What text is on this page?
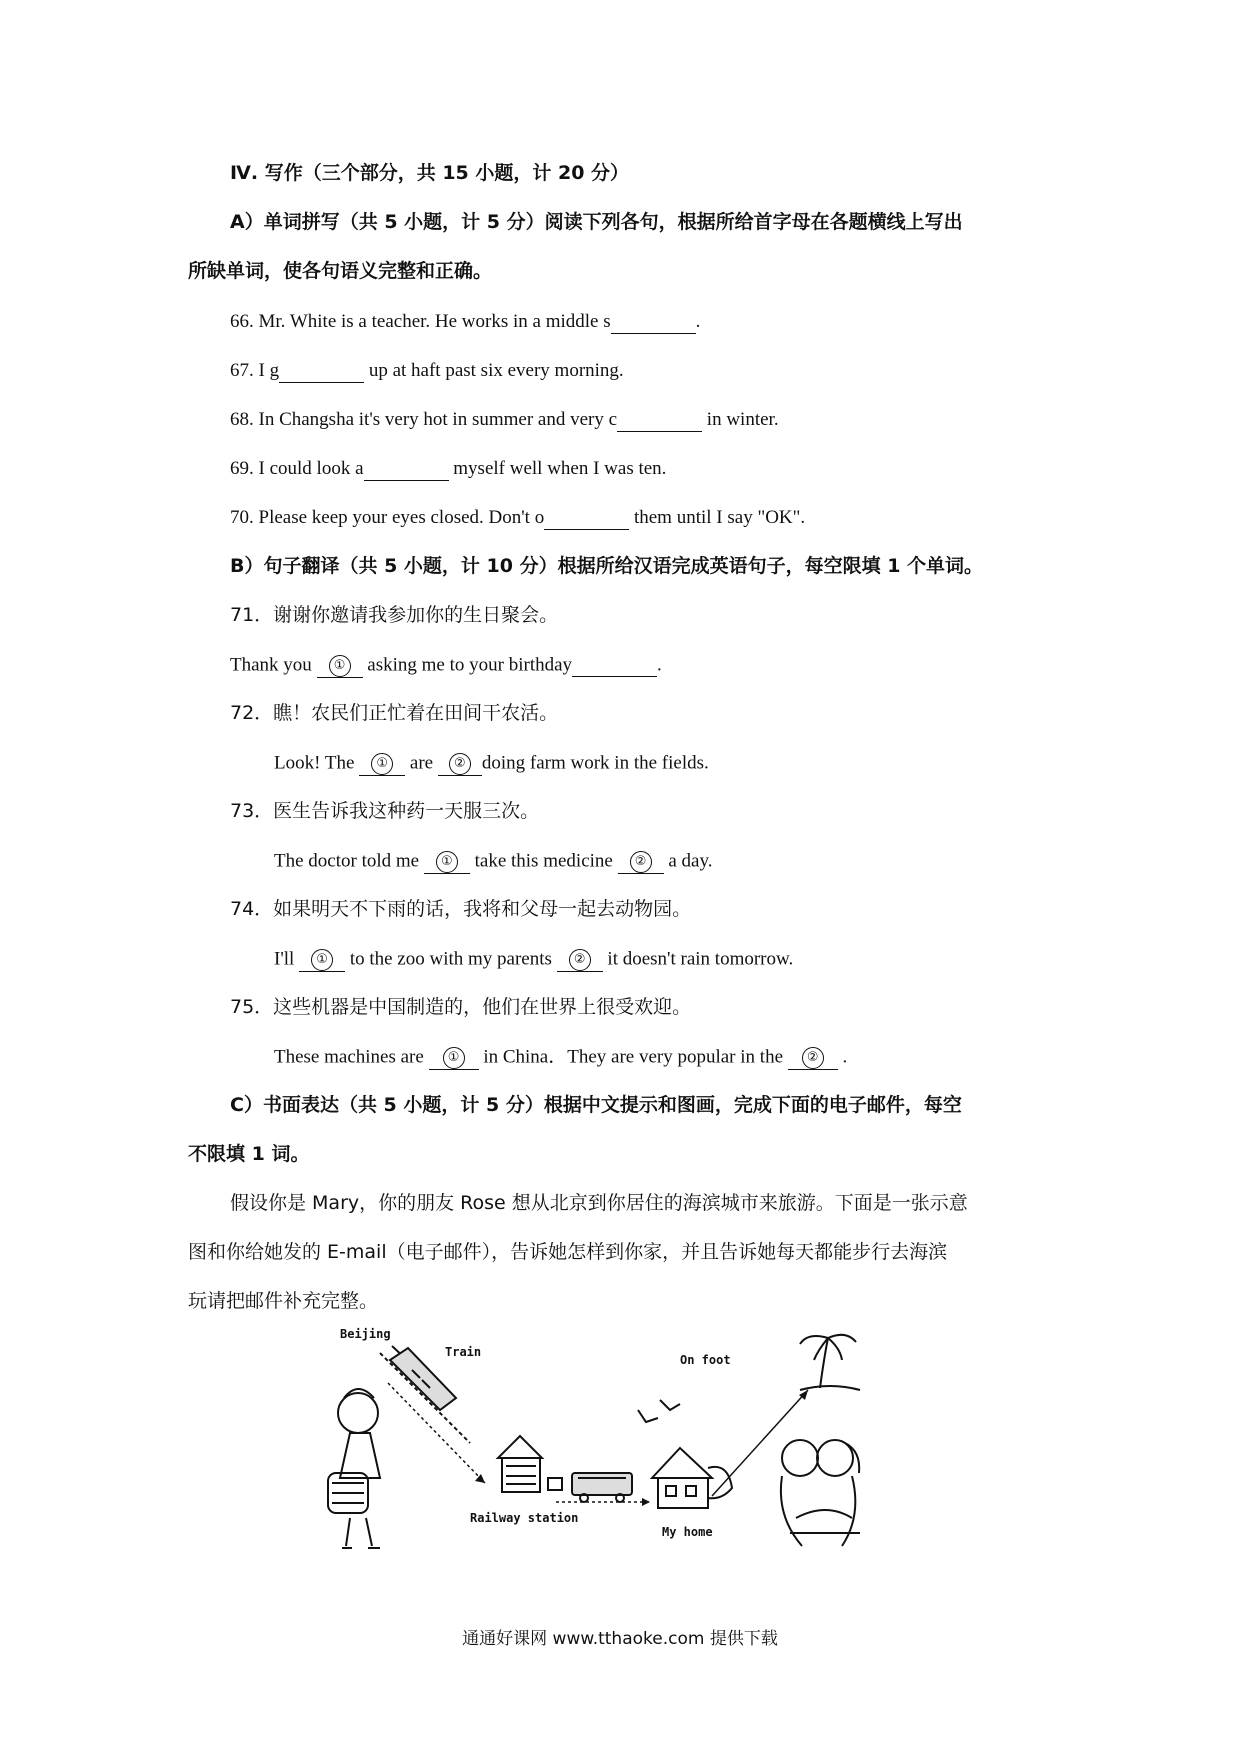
Ⅳ. 写作（三个部分，共 15 小题，计 20 分）
A）单词拼写（共 5 小题，计 5 分）阅读下列各句，根据所给首字母在各题横线上写出
所缺单词，使各句语义完整和正确。
66. Mr. White is a teacher. He works in a middle s	.
67. I g	up at haft past six every morning.
68. In Changsha it's very hot in summer and very c	in winter.
69. I could look a	myself well when I was ten.
70. Please keep your eyes closed. Don't o	them until I say "OK".
B）句子翻译（共 5 小题，计 10 分）根据所给汉语完成英语句子，每空限填 1 个单词。
71．谢谢你邀请我参加你的生日聚会。
Thank you ① asking me to your birthday	.
72．瞧！农民们正忙着在田间干农活。
Look! The ① are ② doing farm work in the fields.
73．医生告诉我这种药一天服三次。
The doctor told me ① take this medicine ② a day.
74．如果明天不下雨的话，我将和父母一起去动物园。
I'll ① to the zoo with my parents ② it doesn't rain tomorrow.
75．这些机器是中国制造的，他们在世界上很受欢迎。
These machines are ① in China．They are very popular in the ② .
C）书面表达（共 5 小题，计 5 分）根据中文提示和图画，完成下面的电子邮件，每空
不限填 1 词。
假设你是 Mary，你的朋友 Rose 想从北京到你居住的海滨城市来旅游。下面是一张示意
图和你给她发的 E-mail（电子邮件），告诉她怎样到你家，并且告诉她每天都能步行去海滨
玩请把邮件补充完整。
Beijing
Train
Railway station
My home
On foot
通通好课网 www.tthaoke.com 提供下载
